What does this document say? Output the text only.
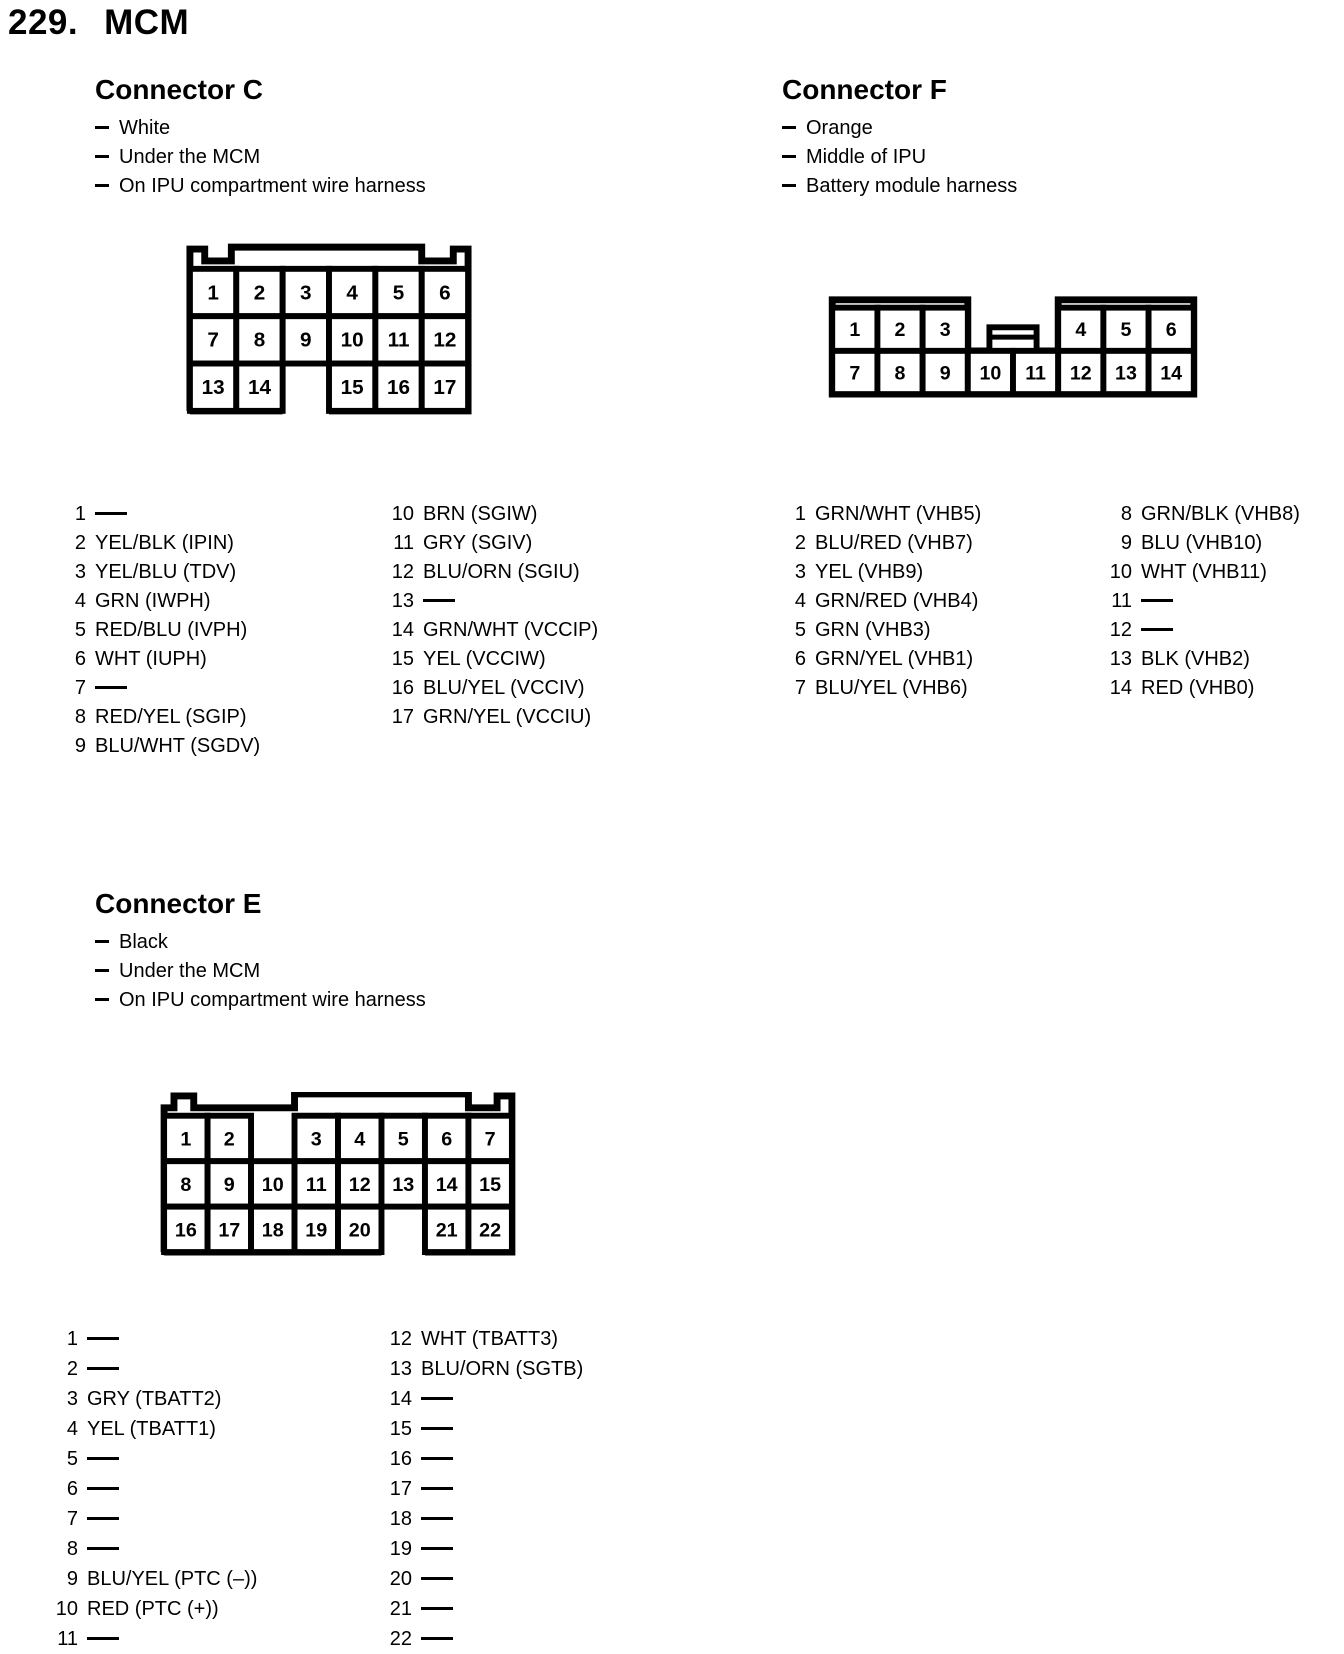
229. MCM
Connector C
White
Under the MCM
On IPU compartment wire harness
1 2 3 4 5 6
7 8 9 10 11 12
13 14	15 16 17
1
2 YEL/BLK (IPIN)
3 YEL/BLU (TDV)
4 GRN (IWPH)
5 RED/BLU (IVPH)
6 WHT (IUPH)
7
8 RED/YEL (SGIP)
9 BLU/WHT (SGDV)
10 BRN (SGIW)
11 GRY (SGIV)
12 BLU/ORN (SGIU)
13
14 GRN/WHT (VCCIP)
15 YEL (VCCIW)
16 BLU/YEL (VCCIV)
17 GRN/YEL (VCCIU)
Connector F
Orange
Middle of IPU
Battery module harness
1 2 3	4 5 6
7 8 9 10 11 12 13 14
1 GRN/WHT (VHB5)
2 BLU/RED (VHB7)
3 YEL (VHB9)
4 GRN/RED (VHB4)
5 GRN (VHB3)
6 GRN/YEL (VHB1)
7 BLU/YEL (VHB6)
8 GRN/BLK (VHB8)
9 BLU (VHB10)
10 WHT (VHB11)
11
12
13 BLK (VHB2)
14 RED (VHB0)
Connector E
Black
Under the MCM
On IPU compartment wire harness
1 2	3 4 5 6 7
8 9 10 11 12 13 14 15
16 17 18 19 20	21 22
1
2
3 GRY (TBATT2)
4 YEL (TBATT1)
5
6
7
8
9 BLU/YEL (PTC (–))
10 RED (PTC (+))
11
12 WHT (TBATT3)
13 BLU/ORN (SGTB)
14
15
16
17
18
19
20
21
22
